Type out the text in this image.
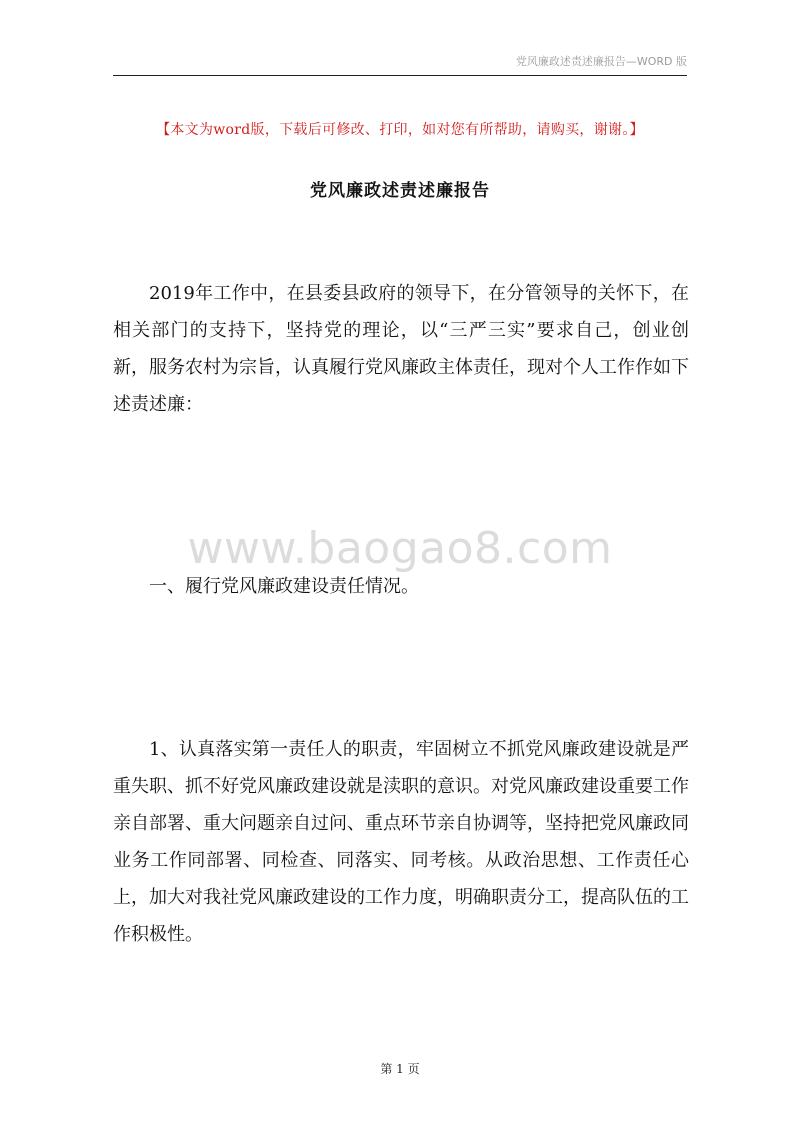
党风廉政述责述廉报告—WORD 版
【本文为word版，下载后可修改、打印，如对您有所帮助，请购买，谢谢。】
党风廉政述责述廉报告
2019年工作中，在县委县政府的领导下，在分管领导的关怀下，在相关部门的支持下，坚持党的理论，以“三严三实”要求自己，创业创新，服务农村为宗旨，认真履行党风廉政主体责任，现对个人工作作如下述责述廉：
www.baogao8.com
一、履行党风廉政建设责任情况。
1、认真落实第一责任人的职责，牢固树立不抓党风廉政建设就是严重失职、抓不好党风廉政建设就是渎职的意识。对党风廉政建设重要工作亲自部署、重大问题亲自过问、重点环节亲自协调等，坚持把党风廉政同业务工作同部署、同检查、同落实、同考核。从政治思想、工作责任心上，加大对我社党风廉政建设的工作力度，明确职责分工，提高队伍的工作积极性。
第 1 页
